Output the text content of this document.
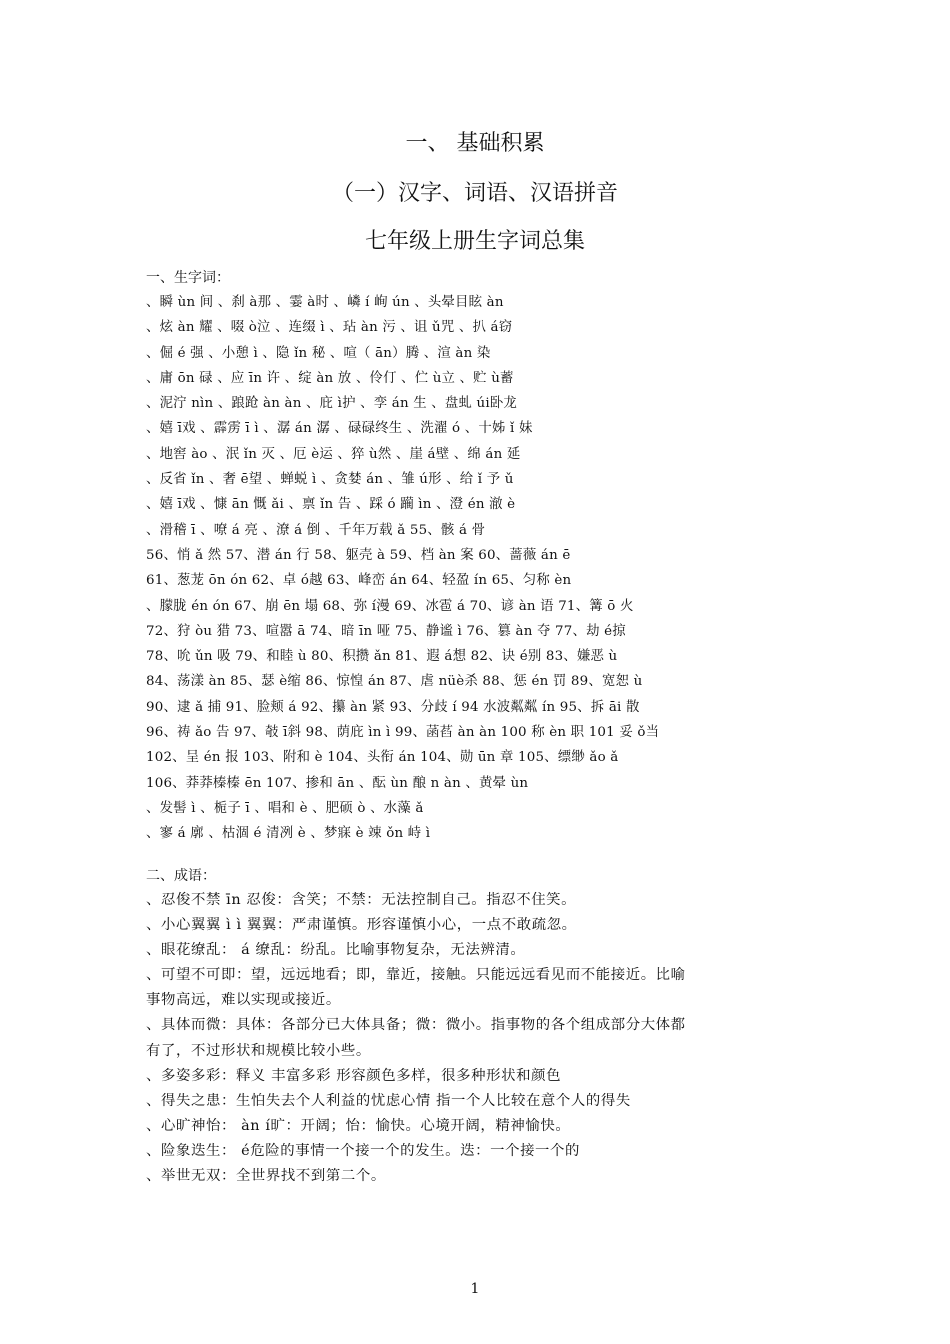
一、 基础积累
（一）汉字、词语、汉语拼音
七年级上册生字词总集
一、生字词：
、瞬 ùn 间 、刹 à那 、霎 à时 、嶙 í 峋 ún 、头晕目眩 àn
、炫 àn 耀 、啜 ò泣 、连缀 ì 、玷 àn 污 、诅 ǔ咒 、扒 á窃
、倔 é 强 、小憩 ì 、隐 ǐn 秘 、喧（ ān）腾 、渲 àn 染
、庸 ōn 碌 、应 īn 许 、绽 àn 放 、伶仃 、伫 ù立 、贮 ù蓄
、泥泞 nìn 、踉跄 àn àn 、庇 ì护 、孪 án 生 、盘虬 úi卧龙
、嬉 ī戏 、霹雳 ī ì 、潺 án 潺 、碌碌终生 、洗濯 ó 、十姊 ǐ 妹
、地窖 ào 、泯 ǐn 灭 、厄 è运 、猝 ù然 、崖 á壁 、绵 án 延
、反省 ǐn 、奢 ē望 、蝉蜕 ì 、贪婪 án 、雏 ú形 、给 ǐ 予 ǔ
、嬉 ī戏 、慷 ān 慨 ǎi 、禀 ǐn 告 、踩 ó 躏 ìn 、澄 én 澈 è
、滑稽 ī 、嘹 á 亮 、潦 á 倒 、千年万载 ǎ 55、骸 á 骨
56、悄 ǎ 然 57、潜 án 行 58、躯壳 à 59、档 àn 案 60、蔷薇 án ē
61、葱茏 ōn ón 62、卓 ó越 63、峰峦 án 64、轻盈 ín 65、匀称 èn
、朦胧 én ón 67、崩 ēn 塌 68、弥 í漫 69、冰雹 á 70、谚 àn 语 71、篝 ō 火
72、狩 òu 猎 73、喧嚣 ā 74、暗 īn 哑 75、静谧 ì 76、篡 àn 夺 77、劫 é掠
78、吮 ǔn 吸 79、和睦 ù 80、积攒 ǎn 81、遐 á想 82、诀 é别 83、嫌恶 ù
84、荡漾 àn 85、瑟 è缩 86、惊惶 án 87、虐 nüè杀 88、惩 én 罚 89、宽恕 ù
90、逮 ǎ 捕 91、脸颊 á 92、攥 àn 紧 93、分歧 í 94 水波粼粼 ín 95、拆 āi 散
96、祷 ǎo 告 97、攲 ī斜 98、荫庇 ìn ì 99、菡萏 àn àn 100 称 èn 职 101 妥 ǒ当
102、呈 én 报 103、附和 è 104、头衔 án 104、勋 ūn 章 105、缥缈 ǎo ǎ
106、莽莽榛榛 ēn 107、掺和 ān 、酝 ùn 酿 n àn 、黄晕 ùn
、发髻 ì 、栀子 ī 、唱和 è 、肥硕 ò 、水藻 ǎ
、寥 á 廓 、枯涸 é 清冽 è 、梦寐 è 竦 ǒn 峙 ì
二、成语：
、忍俊不禁 īn 忍俊：含笑；不禁：无法控制自己。指忍不住笑。
、小心翼翼 ì ì 翼翼：严肃谨慎。形容谨慎小心，一点不敢疏忽。
、眼花缭乱： á 缭乱：纷乱。比喻事物复杂，无法辨清。
、可望不可即：望，远远地看；即，靠近，接触。只能远远看见而不能接近。比喻
事物高远，难以实现或接近。
、具体而微：具体：各部分已大体具备；微：微小。指事物的各个组成部分大体都
有了，不过形状和规模比较小些。
、多姿多彩：释义 丰富多彩 形容颜色多样，很多种形状和颜色
、得失之患：生怕失去个人利益的忧虑心情 指一个人比较在意个人的得失
、心旷神怡： àn í旷：开阔；怡：愉快。心境开阔，精神愉快。
、险象迭生： é危险的事情一个接一个的发生。迭：一个接一个的
、举世无双：全世界找不到第二个。
1
